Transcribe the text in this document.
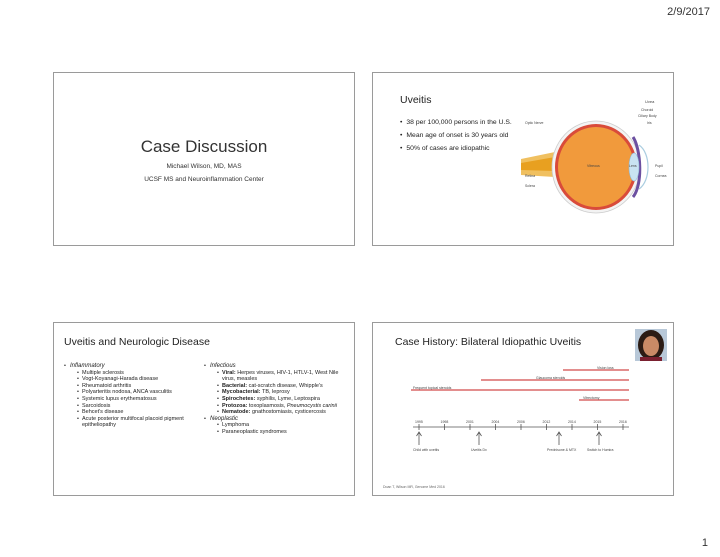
2/9/2017
Case Discussion
Michael Wilson, MD, MAS
UCSF MS and Neuroinflammation Center
Uveitis
• 38 per 100,000 persons in the U.S.
• Mean age of onset is 30 years old
• 50% of cases are idiopathic
Uvea
Choroid
Ciliary Body
Iris
Optic Nerve
Vitreous	Lens	Pupil
Cornea
Retina
Sclera
Uveitis and Neurologic Disease
• Inflammatory
• Multiple sclerosis
• Vogt-Koyanagi-Harada disease
• Rheumatoid arthritis
• Polyarteritis nodosa, ANCA vasculitis
• Systemic lupus erythematosus
• Sarcoidosis
• Behcet's disease
• Acute posterior multifocal placoid pigment epitheliopathy
• Infectious
• Viral: Herpes viruses, HIV-1, HTLV-1, West Nile virus, measles
• Bacterial: cat-scratch disease, Whipple's
• Mycobacterial: TB, leprosy
• Spirochetes: syphilis, Lyme, Leptospira
• Protozoa: toxoplasmosis, Pneumocystis carinii
• Nematode: gnathostomiasis, cysticercosis
• Neoplastic
• Lymphoma
• Paraneoplastic syndromes
Case History: Bilateral Idiopathic Uveitis
Vision loss
Glaucoma steroids
Frequent topical steroids
Vitrectomy
1995	1998	2001	2004	2006	2012	2014	2015	2016
Child with uveitis	Uveitis Dx	Prednisone & MTX	Switch to Humira
Doan T, Wilson MR, Genome Med 2016
1
